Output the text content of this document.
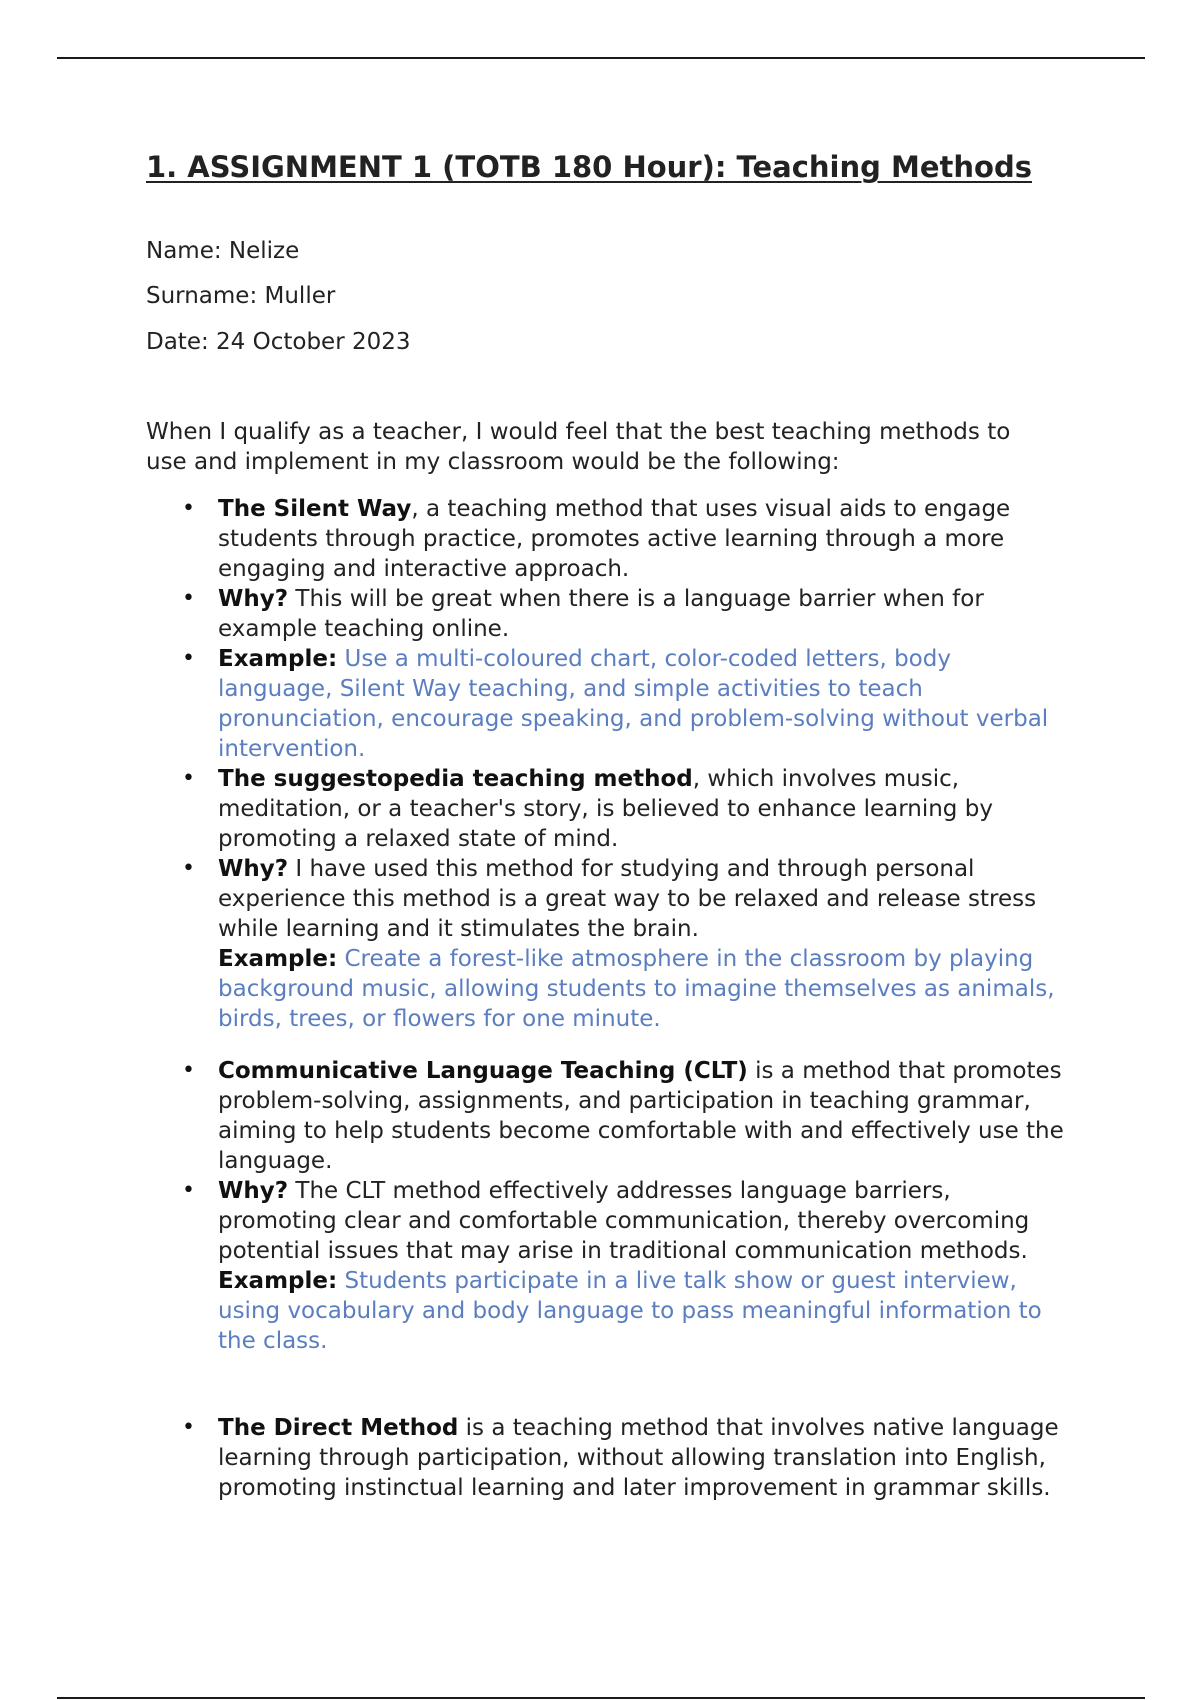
1. ASSIGNMENT 1 (TOTB 180 Hour): Teaching Methods
Name: Nelize
Surname: Muller
Date: 24 October 2023

When I qualify as a teacher, I would feel that the best teaching methods to use and implement in my classroom would be the following:

• The Silent Way, a teaching method that uses visual aids to engage students through practice, promotes active learning through a more engaging and interactive approach.
• Why? This will be great when there is a language barrier when for example teaching online.
• Example: Use a multi-coloured chart, color-coded letters, body language, Silent Way teaching, and simple activities to teach pronunciation, encourage speaking, and problem-solving without verbal intervention.
• The suggestopedia teaching method, which involves music, meditation, or a teacher's story, is believed to enhance learning by promoting a relaxed state of mind.
• Why? I have used this method for studying and through personal experience this method is a great way to be relaxed and release stress while learning and it stimulates the brain.
Example: Create a forest-like atmosphere in the classroom by playing background music, allowing students to imagine themselves as animals, birds, trees, or flowers for one minute.
• Communicative Language Teaching (CLT) is a method that promotes problem-solving, assignments, and participation in teaching grammar, aiming to help students become comfortable with and effectively use the language.
• Why? The CLT method effectively addresses language barriers, promoting clear and comfortable communication, thereby overcoming potential issues that may arise in traditional communication methods.
Example: Students participate in a live talk show or guest interview, using vocabulary and body language to pass meaningful information to the class.
• The Direct Method is a teaching method that involves native language learning through participation, without allowing translation into English, promoting instinctual learning and later improvement in grammar skills.
